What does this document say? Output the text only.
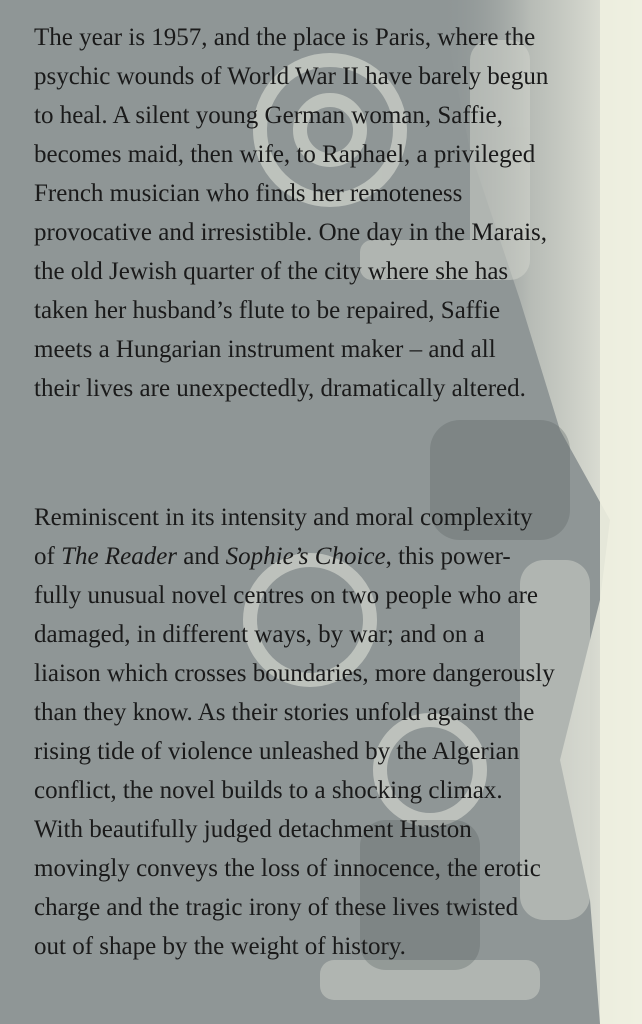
The year is 1957, and the place is Paris, where the
psychic wounds of World War II have barely begun
to heal. A silent young German woman, Saffie,
becomes maid, then wife, to Raphael, a privileged
French musician who finds her remoteness
provocative and irresistible. One day in the Marais,
the old Jewish quarter of the city where she has
taken her husband’s flute to be repaired, Saffie
meets a Hungarian instrument maker – and all
their lives are unexpectedly, dramatically altered.
Reminiscent in its intensity and moral complexity
of The Reader and Sophie’s Choice, this power-
fully unusual novel centres on two people who are
damaged, in different ways, by war; and on a
liaison which crosses boundaries, more dangerously
than they know. As their stories unfold against the
rising tide of violence unleashed by the Algerian
conflict, the novel builds to a shocking climax.
With beautifully judged detachment Huston
movingly conveys the loss of innocence, the erotic
charge and the tragic irony of these lives twisted
out of shape by the weight of history.
